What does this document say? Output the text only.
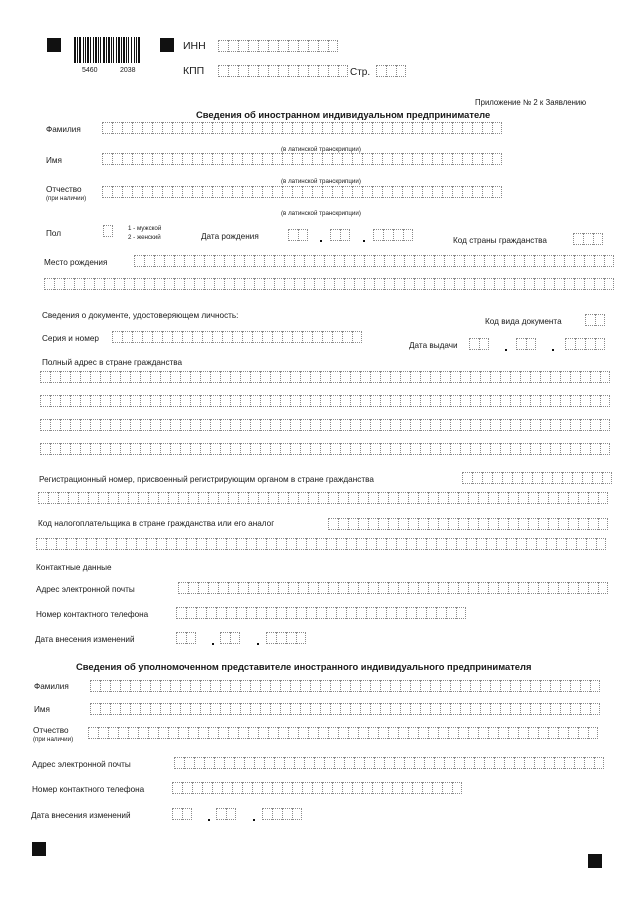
5460	2038
ИНН
КПП	Стр.
Приложение № 2 к Заявлению
Сведения об иностранном индивидуальном предпринимателе
Фамилия
(в латинской транскрипции)
Имя
(в латинской транскрипции)
Отчество
(при наличии)
(в латинской транскрипции)
Пол
1 - мужской
2 - женский	Дата рождения	Код страны гражданства
Место рождения
Сведения о документе, удостоверяющем личность:
Код вида документа
Серия и номер
Дата выдачи
Полный адрес в стране гражданства
Регистрационный номер, присвоенный регистрирующим органом в стране гражданства
Код налогоплательщика в стране гражданства или его аналог
Контактные данные
Адрес электронной почты
Номер контактного телефона
Дата внесения изменений
Сведения об уполномоченном представителе иностранного индивидуального предпринимателя
Фамилия
Имя
Отчество
(при наличии)
Адрес электронной почты
Номер контактного телефона
Дата внесения изменений
